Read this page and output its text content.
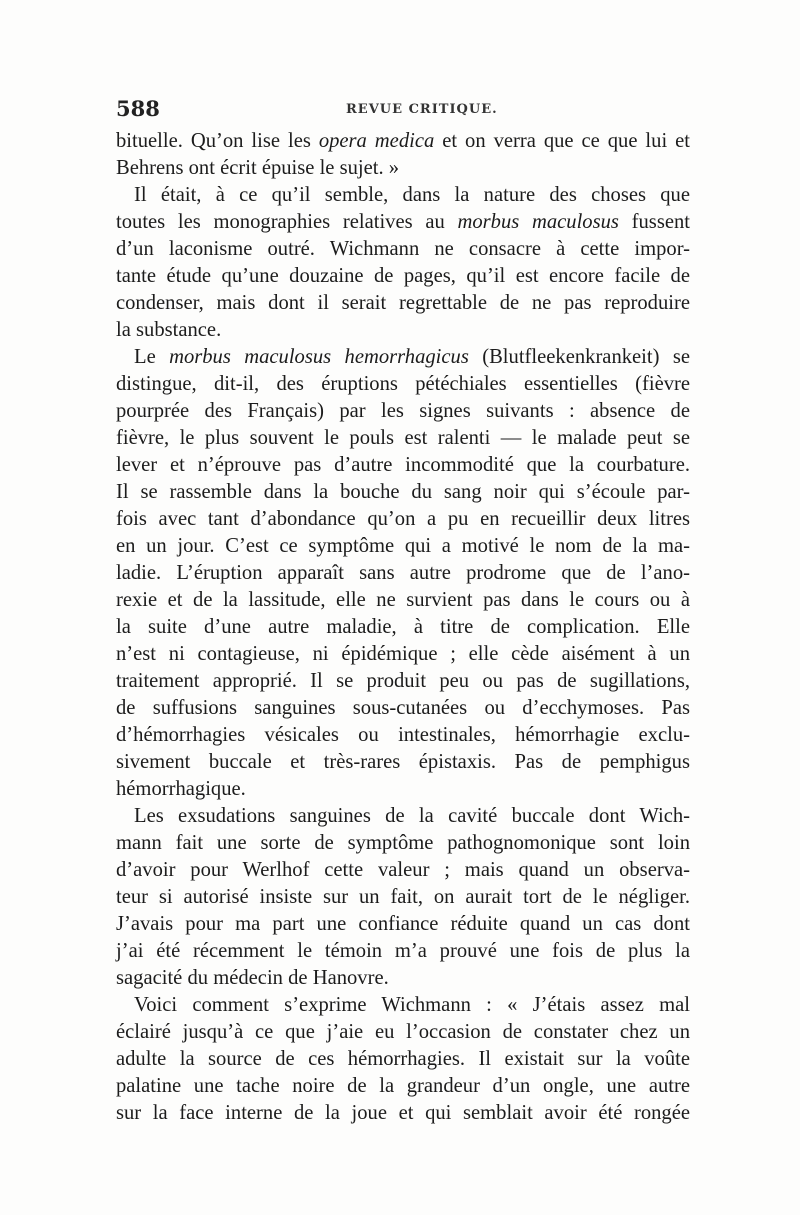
588	REVUE CRITIQUE.

bituelle. Qu’on lise les opera medica et on verra que ce que lui et

Behrens ont écrit épuise le sujet. »

Il était, à ce qu’il semble, dans la nature des choses que

toutes les monographies relatives au morbus maculosus fussent

d’un laconisme outré. Wichmann ne consacre à cette impor-

tante étude qu’une douzaine de pages, qu’il est encore facile de

condenser, mais dont il serait regrettable de ne pas reproduire

la substance.

Le morbus maculosus hemorrhagicus (Blutfleekenkrankeit) se

distingue, dit-il, des éruptions pétéchiales essentielles (fièvre

pourprée des Français) par les signes suivants : absence de

fièvre, le plus souvent le pouls est ralenti — le malade peut se

lever et n’éprouve pas d’autre incommodité que la courbature.

Il se rassemble dans la bouche du sang noir qui s’écoule par-

fois avec tant d’abondance qu’on a pu en recueillir deux litres

en un jour. C’est ce symptôme qui a motivé le nom de la ma-

ladie. L’éruption apparaît sans autre prodrome que de l’ano-

rexie et de la lassitude, elle ne survient pas dans le cours ou à

la suite d’une autre maladie, à titre de complication. Elle

n’est ni contagieuse, ni épidémique ; elle cède aisément à un

traitement approprié. Il se produit peu ou pas de sugillations,

de suffusions sanguines sous-cutanées ou d’ecchymoses. Pas

d’hémorrhagies vésicales ou intestinales, hémorrhagie exclu-

sivement buccale et très-rares épistaxis. Pas de pemphigus

hémorrhagique.

Les exsudations sanguines de la cavité buccale dont Wich-

mann fait une sorte de symptôme pathognomonique sont loin

d’avoir pour Werlhof cette valeur ; mais quand un observa-

teur si autorisé insiste sur un fait, on aurait tort de le négliger.

J’avais pour ma part une confiance réduite quand un cas dont

j’ai été récemment le témoin m’a prouvé une fois de plus la

sagacité du médecin de Hanovre.

Voici comment s’exprime Wichmann : « J’étais assez mal

éclairé jusqu’à ce que j’aie eu l’occasion de constater chez un

adulte la source de ces hémorrhagies. Il existait sur la voûte

palatine une tache noire de la grandeur d’un ongle, une autre

sur la face interne de la joue et qui semblait avoir été rongée
